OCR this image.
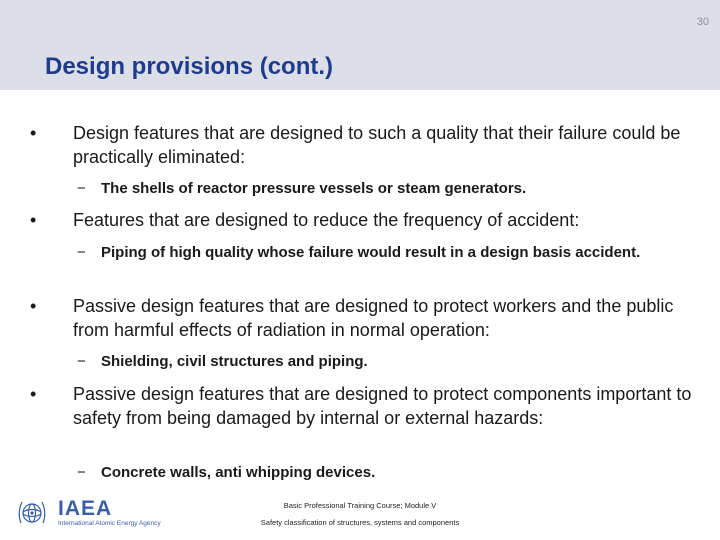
30
Design provisions (cont.)
•	Design features that are designed to such a quality that their failure could be practically eliminated:
− The shells of reactor pressure vessels or steam generators.
•	Features that are designed to reduce the frequency of accident:
− Piping of high quality whose failure would result in a design basis accident.
•	Passive design features that are designed to protect workers and the public from harmful effects of radiation in normal operation:
− Shielding, civil structures and piping.
•	Passive design features that are designed to protect components important to safety from being damaged by internal or external hazards:
− Concrete walls, anti whipping devices.
IAEA
International Atomic Energy Agency
Basic Professional Training Course; Module V
Safety classification of structures, systems and components
